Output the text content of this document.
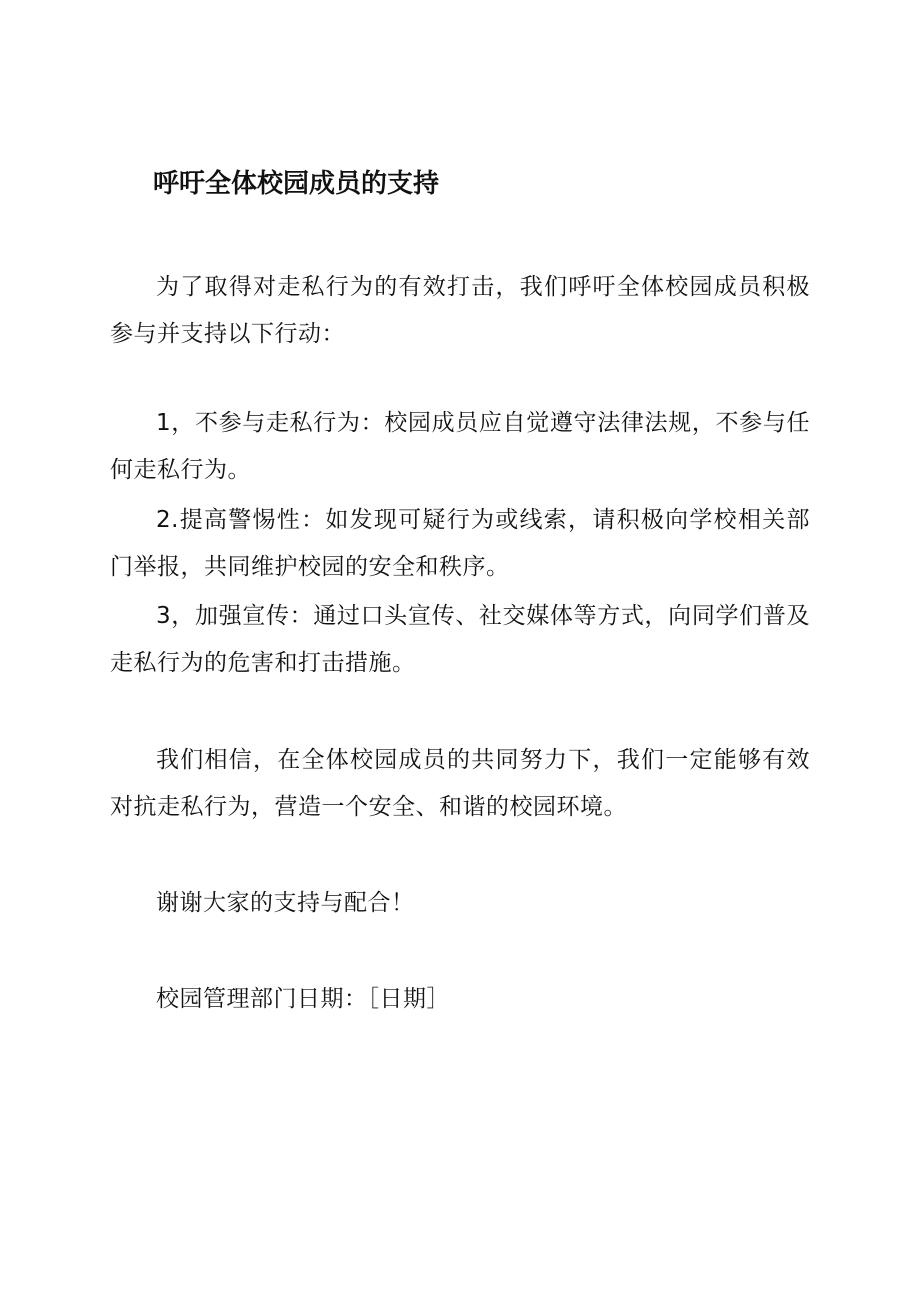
呼吁全体校园成员的支持

为了取得对走私行为的有效打击，我们呼吁全体校园成员积极参与并支持以下行动：

1，不参与走私行为：校园成员应自觉遵守法律法规，不参与任何走私行为。

2.提高警惕性：如发现可疑行为或线索，请积极向学校相关部门举报，共同维护校园的安全和秩序。

3，加强宣传：通过口头宣传、社交媒体等方式，向同学们普及走私行为的危害和打击措施。

我们相信，在全体校园成员的共同努力下，我们一定能够有效对抗走私行为，营造一个安全、和谐的校园环境。

谢谢大家的支持与配合！

校园管理部门日期：［日期］
